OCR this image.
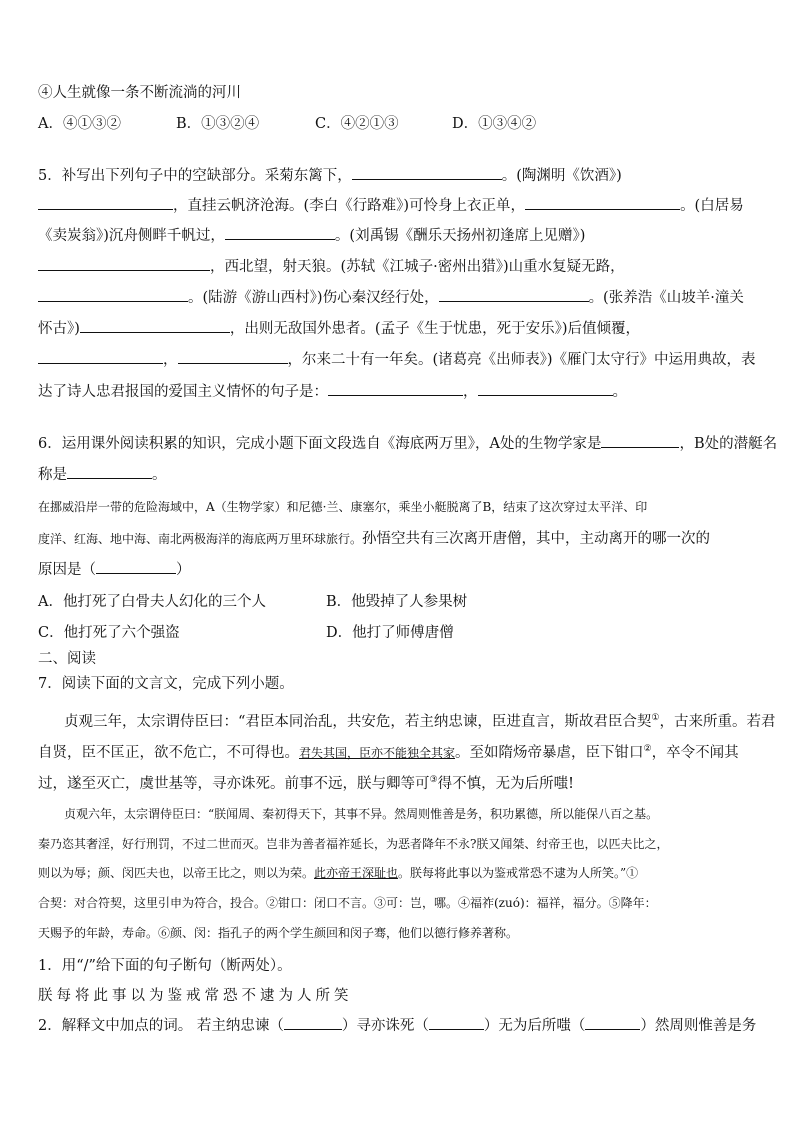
④人生就像一条不断流淌的河川
A．④①③②	B．①③②④	C．④②①③	D．①③④②
5．补写出下列句子中的空缺部分。采菊东篱下，	。(陶渊明《饮酒》)
，直挂云帆济沧海。(李白《行路难》)可怜身上衣正单，	。(白居易
《卖炭翁》)沉舟侧畔千帆过，	。(刘禹锡《酬乐天扬州初逢席上见赠》)
，西北望，射天狼。(苏轼《江城子·密州出猎》)山重水复疑无路，
。(陆游《游山西村》)伤心秦汉经行处，	。(张养浩《山坡羊·潼关
怀古》)	，出则无敌国外患者。(孟子《生于忧患，死于安乐》)后值倾覆，
，	，尔来二十有一年矣。(诸葛亮《出师表》)《雁门太守行》中运用典故，表
达了诗人忠君报国的爱国主义情怀的句子是：	，	。
6．运用课外阅读积累的知识，完成小题下面文段选自《海底两万里》，A处的生物学家是	，B处的潜艇名
称是	。
在挪威沿岸一带的危险海域中，A（生物学家）和尼德·兰、康塞尔，乘坐小艇脱离了B，结束了这次穿过太平洋、印
度洋、红海、地中海、南北两极海洋的海底两万里环球旅行。孙悟空共有三次离开唐僧，其中，主动离开的哪一次的
原因是（	）
A．他打死了白骨夫人幻化的三个人	B．他毁掉了人参果树
C．他打死了六个强盗	D．他打了师傅唐僧
二、阅读
7．阅读下面的文言文，完成下列小题。
贞观三年，太宗谓侍臣曰：“君臣本同治乱，共安危，若主纳忠谏，臣进直言，斯故君臣合契①，古来所重。若君
自贤，臣不匡正，欲不危亡，不可得也。君失其国，臣亦不能独全其家。至如隋炀帝暴虐，臣下钳口②，卒令不闻其
过，遂至灭亡，虞世基等，寻亦诛死。前事不远，朕与卿等可③得不慎，无为后所嗤!
贞观六年，太宗谓侍臣曰：“朕闻周、秦初得天下，其事不异。然周则惟善是务，积功累德，所以能保八百之基。
秦乃恣其奢淫，好行刑罚，不过二世而灭。岂非为善者福祚延长，为恶者降年不永?朕又闻桀、纣帝王也，以匹夫比之，
则以为辱；颜、闵匹夫也，以帝王比之，则以为荣。此亦帝王深耻也。朕每将此事以为鉴戒常恐不逮为人所笑。”①
合契：对合符契，这里引申为符合，投合。②钳口：闭口不言。③可：岂，哪。④福祚(zuó)：福祥，福分。⑤降年：
天赐予的年龄，寿命。⑥颜、闵：指孔子的两个学生颜回和闵子骞，他们以德行修养著称。
1．用“/”给下面的句子断句（断两处）。
朕每将此事以为鉴戒常恐不逮为人所笑
2．解释文中加点的词。 若主纳忠谏（	）寻亦诛死（	）无为后所嗤（	）然周则惟善是务
